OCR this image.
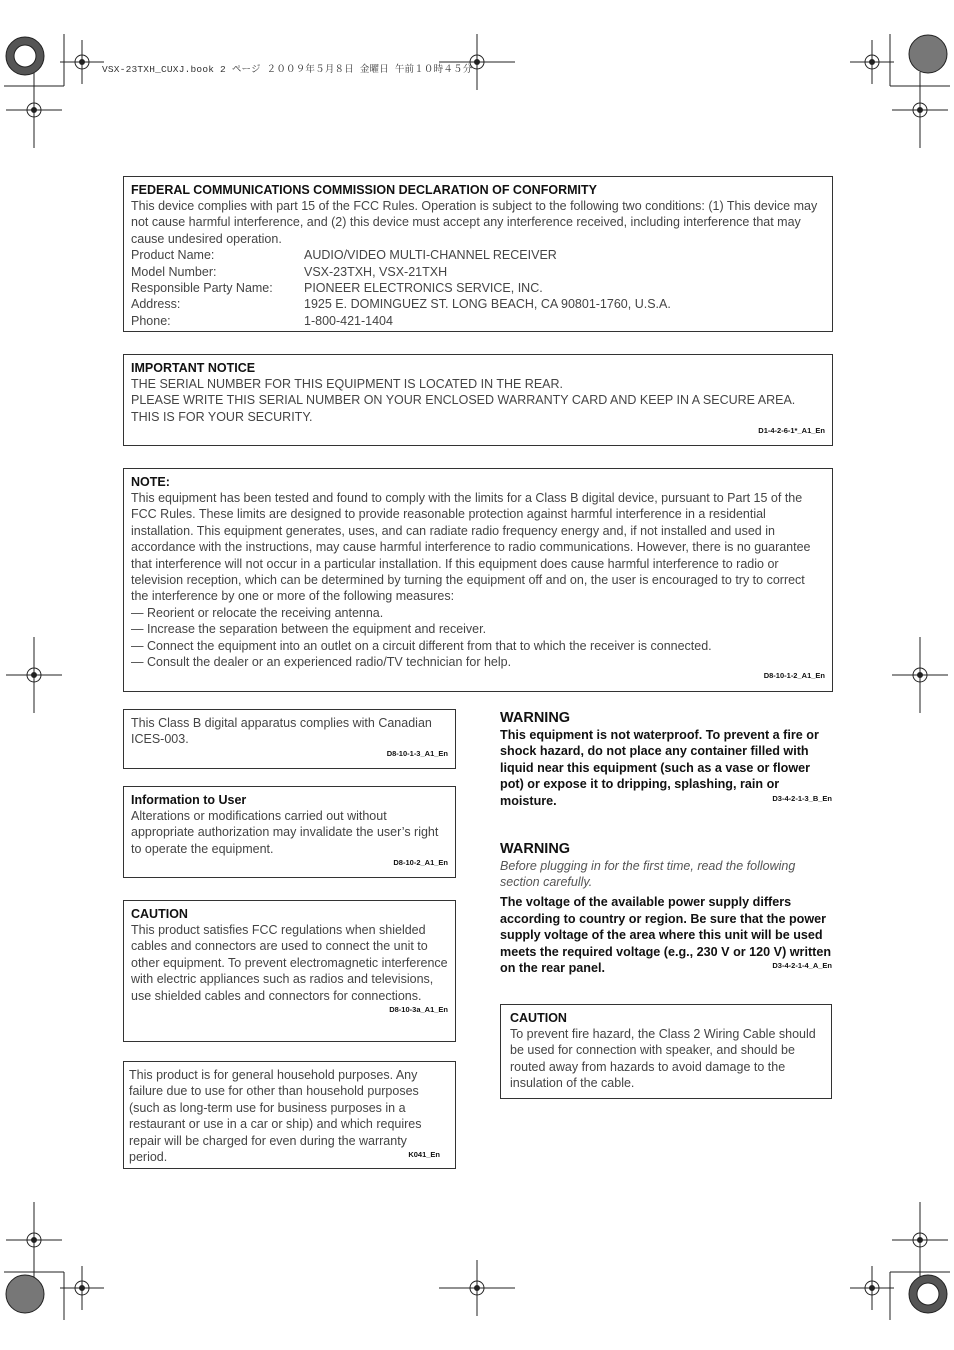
VSX-23TXH_CUXJ.book 2 ページ ２００９年５月８日 金曜日 午前１０時４５分
FEDERAL COMMUNICATIONS COMMISSION DECLARATION OF CONFORMITY
This device complies with part 15 of the FCC Rules. Operation is subject to the following two conditions: (1) This device may not cause harmful interference, and (2) this device must accept any interference received, including interference that may cause undesired operation.
Product Name:	AUDIO/VIDEO MULTI-CHANNEL RECEIVER
Model Number:	VSX-23TXH, VSX-21TXH
Responsible Party Name:	PIONEER ELECTRONICS SERVICE, INC.
Address:	1925 E. DOMINGUEZ ST. LONG BEACH, CA 90801-1760, U.S.A.
Phone:	1-800-421-1404
IMPORTANT NOTICE
THE SERIAL NUMBER FOR THIS EQUIPMENT IS LOCATED IN THE REAR.
PLEASE WRITE THIS SERIAL NUMBER ON YOUR ENCLOSED WARRANTY CARD AND KEEP IN A SECURE AREA. THIS IS FOR YOUR SECURITY.
D1-4-2-6-1*_A1_En
NOTE:
This equipment has been tested and found to comply with the limits for a Class B digital device, pursuant to Part 15 of the FCC Rules. These limits are designed to provide reasonable protection against harmful interference in a residential installation. This equipment generates, uses, and can radiate radio frequency energy and, if not installed and used in accordance with the instructions, may cause harmful interference to radio communications. However, there is no guarantee that interference will not occur in a particular installation. If this equipment does cause harmful interference to radio or television reception, which can be determined by turning the equipment off and on, the user is encouraged to try to correct the interference by one or more of the following measures:
— Reorient or relocate the receiving antenna.
— Increase the separation between the equipment and receiver.
— Connect the equipment into an outlet on a circuit different from that to which the receiver is connected.
— Consult the dealer or an experienced radio/TV technician for help.
D8-10-1-2_A1_En
This Class B digital apparatus complies with Canadian ICES-003.
D8-10-1-3_A1_En
Information to User
Alterations or modifications carried out without appropriate authorization may invalidate the user’s right to operate the equipment.
D8-10-2_A1_En
CAUTION
This product satisfies FCC regulations when shielded cables and connectors are used to connect the unit to other equipment. To prevent electromagnetic interference with electric appliances such as radios and televisions, use shielded cables and connectors for connections.
D8-10-3a_A1_En
This product is for general household purposes. Any failure due to use for other than household purposes (such as long-term use for business purposes in a restaurant or use in a car or ship) and which requires repair will be charged for even during the warranty period.	K041_En
WARNING
This equipment is not waterproof. To prevent a fire or shock hazard, do not place any container filled with liquid near this equipment (such as a vase or flower pot) or expose it to dripping, splashing, rain or moisture.	D3-4-2-1-3_B_En
WARNING
Before plugging in for the first time, read the following section carefully.
The voltage of the available power supply differs according to country or region. Be sure that the power supply voltage of the area where this unit will be used meets the required voltage (e.g., 230 V or 120 V) written on the rear panel.	D3-4-2-1-4_A_En
CAUTION
To prevent fire hazard, the Class 2 Wiring Cable should be used for connection with speaker, and should be routed away from hazards to avoid damage to the insulation of the cable.
